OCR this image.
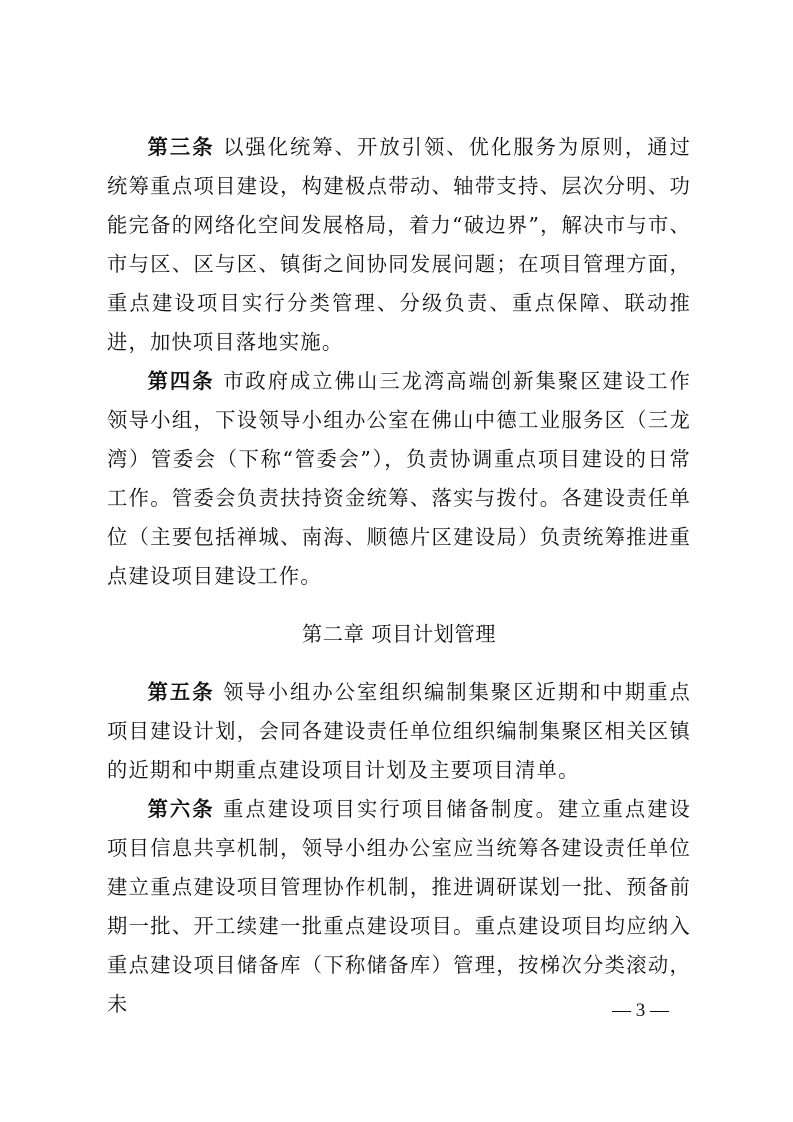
第三条 以强化统筹、开放引领、优化服务为原则，通过统筹重点项目建设，构建极点带动、轴带支持、层次分明、功能完备的网络化空间发展格局，着力“破边界”，解决市与市、市与区、区与区、镇街之间协同发展问题；在项目管理方面，重点建设项目实行分类管理、分级负责、重点保障、联动推进，加快项目落地实施。

第四条 市政府成立佛山三龙湾高端创新集聚区建设工作领导小组，下设领导小组办公室在佛山中德工业服务区（三龙湾）管委会（下称“管委会”），负责协调重点项目建设的日常工作。管委会负责扶持资金统筹、落实与拨付。各建设责任单位（主要包括禅城、南海、顺德片区建设局）负责统筹推进重点建设项目建设工作。

第二章 项目计划管理

第五条 领导小组办公室组织编制集聚区近期和中期重点项目建设计划，会同各建设责任单位组织编制集聚区相关区镇的近期和中期重点建设项目计划及主要项目清单。

第六条 重点建设项目实行项目储备制度。建立重点建设项目信息共享机制，领导小组办公室应当统筹各建设责任单位建立重点建设项目管理协作机制，推进调研谋划一批、预备前期一批、开工续建一批重点建设项目。重点建设项目均应纳入重点建设项目储备库（下称储备库）管理，按梯次分类滚动，未	— 3 —
